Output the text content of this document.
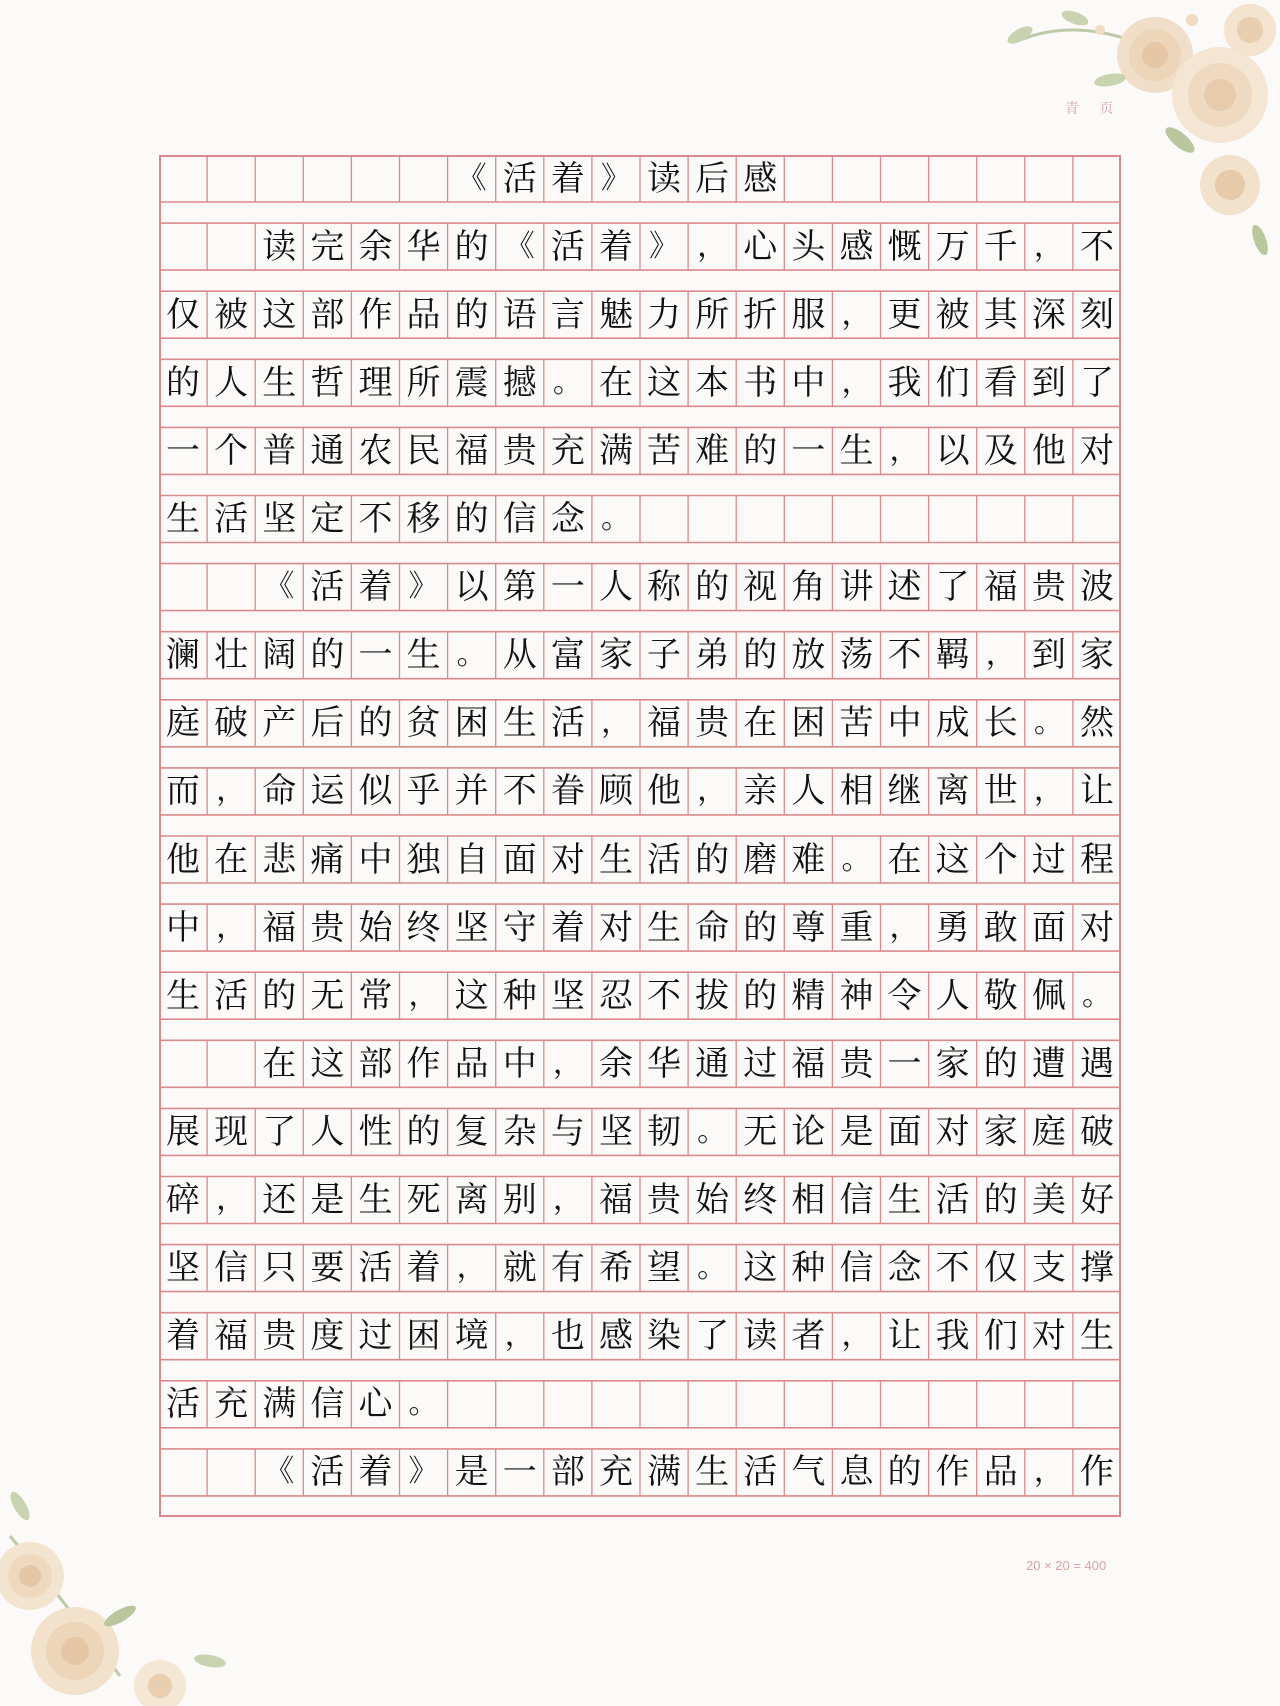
青 页
《 活 着 》 读 后 感
读 完 余 华 的 《 活 着 》 ， 心 头 感 慨 万 千 ， 不
仅 被 这 部 作 品 的 语 言 魅 力 所 折 服 ， 更 被 其 深 刻
的 人 生 哲 理 所 震 撼 。 在 这 本 书 中 ， 我 们 看 到 了
一 个 普 通 农 民 福 贵 充 满 苦 难 的 一 生 ， 以 及 他 对
生 活 坚 定 不 移 的 信 念 。
《 活 着 》 以 第 一 人 称 的 视 角 讲 述 了 福 贵 波
澜 壮 阔 的 一 生 。 从 富 家 子 弟 的 放 荡 不 羁 ， 到 家
庭 破 产 后 的 贫 困 生 活 ， 福 贵 在 困 苦 中 成 长 。 然
而 ， 命 运 似 乎 并 不 眷 顾 他 ， 亲 人 相 继 离 世 ， 让
他 在 悲 痛 中 独 自 面 对 生 活 的 磨 难 。 在 这 个 过 程
中 ， 福 贵 始 终 坚 守 着 对 生 命 的 尊 重 ， 勇 敢 面 对
生 活 的 无 常 ， 这 种 坚 忍 不 拔 的 精 神 令 人 敬 佩 。
在 这 部 作 品 中 ， 余 华 通 过 福 贵 一 家 的 遭 遇
展 现 了 人 性 的 复 杂 与 坚 韧 。 无 论 是 面 对 家 庭 破
碎 ， 还 是 生 死 离 别 ， 福 贵 始 终 相 信 生 活 的 美 好
坚 信 只 要 活 着 ， 就 有 希 望 。 这 种 信 念 不 仅 支 撑
着 福 贵 度 过 困 境 ， 也 感 染 了 读 者 ， 让 我 们 对 生
活 充 满 信 心 。
《 活 着 》 是 一 部 充 满 生 活 气 息 的 作 品 ， 作
20 × 20 = 400
